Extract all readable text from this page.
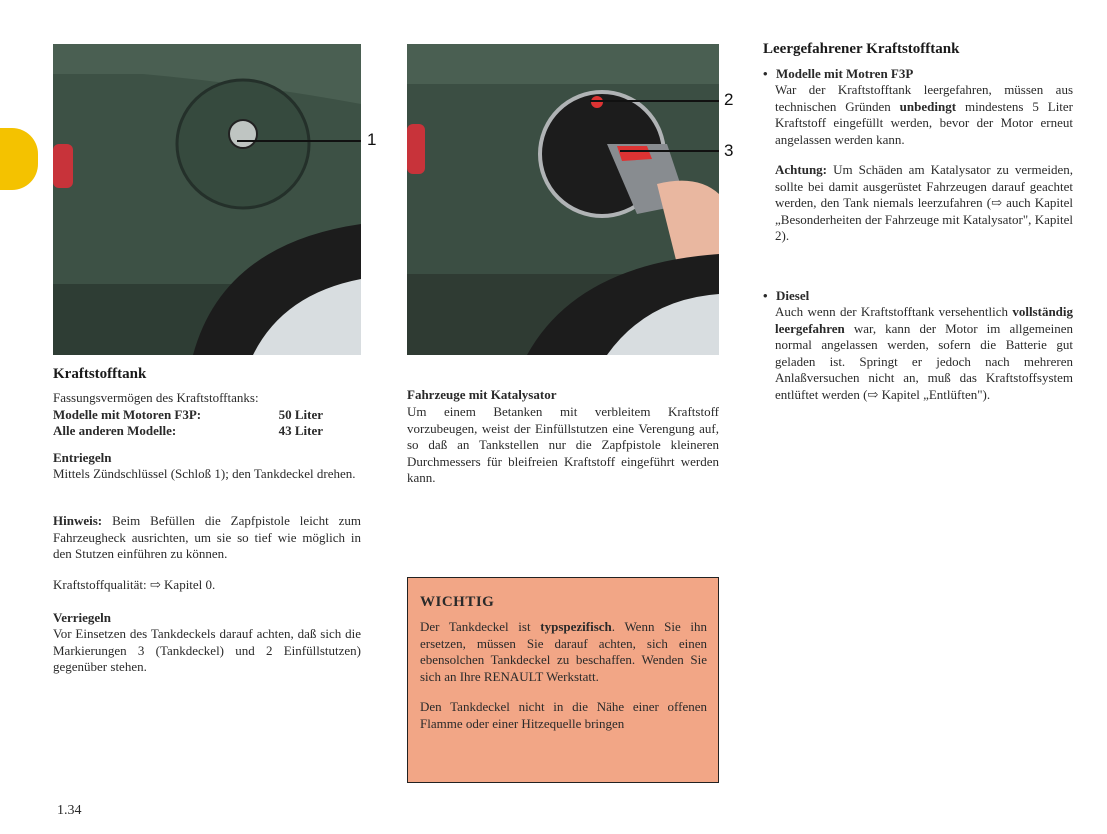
1
2
3
Kraftstofftank
Fassungsvermögen des Kraftstofftanks:
Modelle mit Motoren F3P:	50 Liter
Alle anderen Modelle:	43 Liter
Entriegeln
Mittels Zündschlüssel (Schloß 1); den Tankdeckel drehen.
Hinweis: Beim Befüllen die Zapfpistole leicht zum Fahrzeugheck ausrichten, um sie so tief wie möglich in den Stutzen einführen zu können.
Kraftstoffqualität: ⇨ Kapitel 0.
Verriegeln
Vor Einsetzen des Tankdeckels darauf achten, daß sich die Markierungen 3 (Tankdeckel) und 2 Einfüllstutzen) gegenüber stehen.
Fahrzeuge mit Katalysator
Um einem Betanken mit verbleitem Kraftstoff vorzubeugen, weist der Einfüllstutzen eine Verengung auf, so daß an Tankstellen nur die Zapfpistole kleineren Durchmessers für bleifreien Kraftstoff eingeführt werden kann.
WICHTIG
Der Tankdeckel ist typspezifisch. Wenn Sie ihn ersetzen, müssen Sie darauf achten, sich einen ebensolchen Tankdeckel zu beschaffen. Wenden Sie sich an Ihre RENAULT Werkstatt.
Den Tankdeckel nicht in die Nähe einer offenen Flamme oder einer Hitzequelle bringen
Leergefahrener Kraftstofftank
• Modelle mit Motren F3P
War der Kraftstofftank leergefahren, müssen aus technischen Gründen unbedingt mindestens 5 Liter Kraftstoff eingefüllt werden, bevor der Motor erneut angelassen werden kann.
Achtung: Um Schäden am Katalysator zu vermeiden, sollte bei damit ausgerüstet Fahrzeugen darauf geachtet werden, den Tank niemals leerzufahren (⇨ auch Kapitel „Besonderheiten der Fahrzeuge mit Katalysator", Kapitel 2).
• Diesel
Auch wenn der Kraftstofftank versehentlich vollständig leergefahren war, kann der Motor im allgemeinen normal angelassen werden, sofern die Batterie gut geladen ist. Springt er jedoch nach mehreren Anlaßversuchen nicht an, muß das Kraftstoffsystem entlüftet werden (⇨ Kapitel „Entlüften").
1.34
